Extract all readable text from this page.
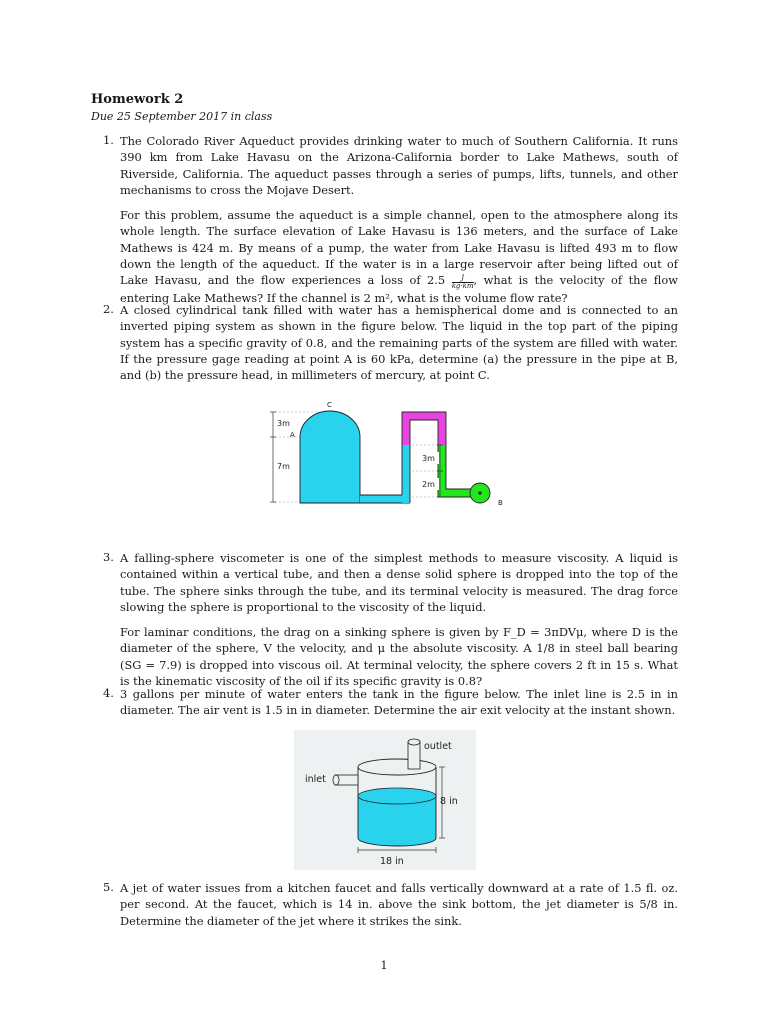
Homework 2
Due 25 September 2017 in class
1. The Colorado River Aqueduct provides drinking water to much of Southern California. It runs 390 km from Lake Havasu on the Arizona-California border to Lake Mathews, south of Riverside, California. The aqueduct passes through a series of pumps, lifts, tunnels, and other mechanisms to cross the Mojave Desert.

For this problem, assume the aqueduct is a simple channel, open to the atmosphere along its whole length. The surface elevation of Lake Havasu is 136 meters, and the surface of Lake Mathews is 424 m. By means of a pump, the water from Lake Havasu is lifted 493 m to flow down the length of the aqueduct. If the water is in a large reservoir after being lifted out of Lake Havasu, and the flow experiences a loss of $2.5 \frac{J}{kg\cdot km}$ , what is the velocity of the flow entering Lake Mathews? If the channel is 2 m², what is the volume flow rate?

2. A closed cylindrical tank filled with water has a hemispherical dome and is connected to an inverted piping system as shown in the figure below. The liquid in the top part of the piping system has a specific gravity of 0.8, and the remaining parts of the system are filled with water. If the pressure gage reading at point A is 60 kPa, determine (a) the pressure in the pipe at B, and (b) the pressure head, in millimeters of mercury, at point C.

3m
7m
C
A
B
3m
2m
3. A falling-sphere viscometer is one of the simplest methods to measure viscosity. A liquid is contained within a vertical tube, and then a dense solid sphere is dropped into the top of the tube. The sphere sinks through the tube, and its terminal velocity is measured. The drag force slowing the sphere is proportional to the viscosity of the liquid.

For laminar conditions, the drag on a sinking sphere is given by F_D = 3πDVμ, where D is the diameter of the sphere, V the velocity, and μ the absolute viscosity. A 1/8 in steel ball bearing (SG = 7.9) is dropped into viscous oil. At terminal velocity, the sphere covers 2 ft in 15 s. What is the kinematic viscosity of the oil if its specific gravity is 0.8?

4. 3 gallons per minute of water enters the tank in the figure below. The inlet line is 2.5 in in diameter. The air vent is 1.5 in in diameter. Determine the air exit velocity at the instant shown.

outlet
inlet
8 in
18 in
5. A jet of water issues from a kitchen faucet and falls vertically downward at a rate of 1.5 fl. oz. per second. At the faucet, which is 14 in. above the sink bottom, the jet diameter is 5/8 in. Determine the diameter of the jet where it strikes the sink.

1
